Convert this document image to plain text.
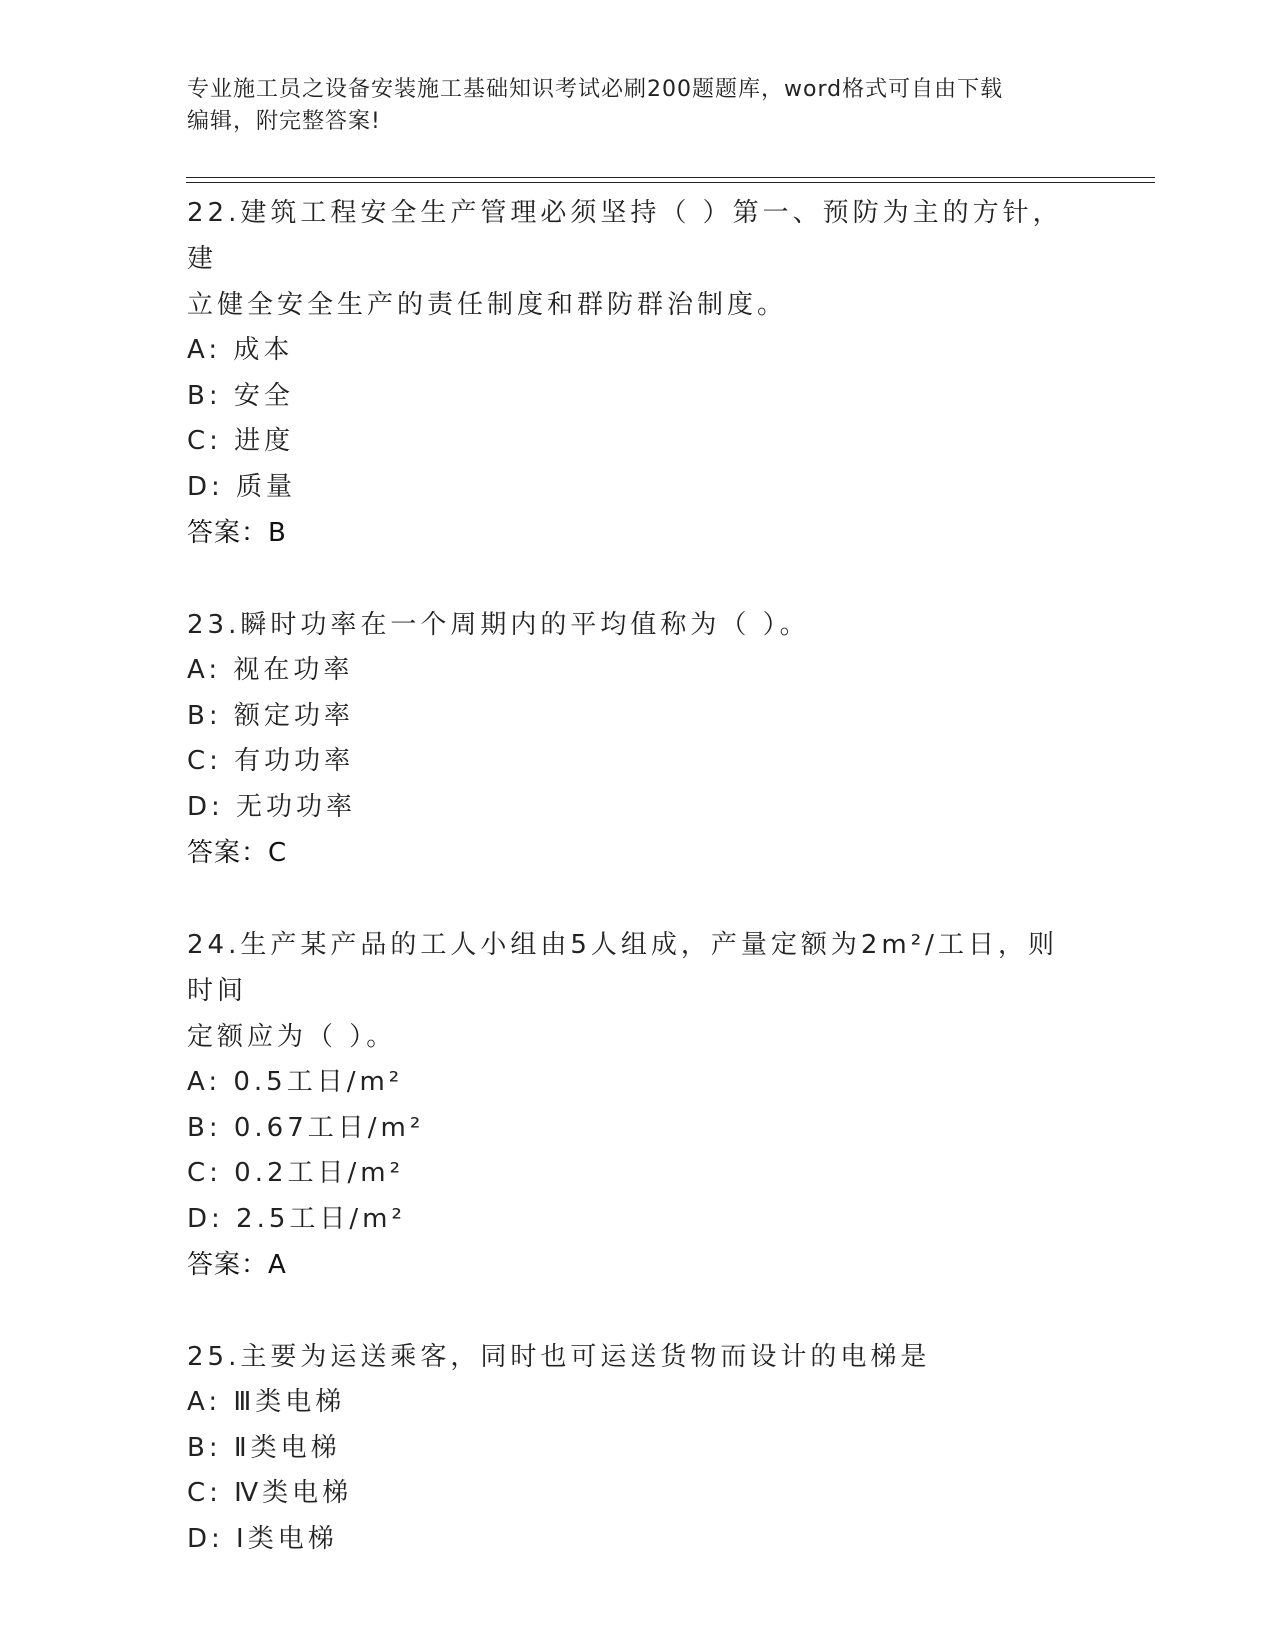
专业施工员之设备安装施工基础知识考试必刷200题题库，word格式可自由下载
编辑，附完整答案!
22.建筑工程安全生产管理必须坚持（ ）第一、预防为主的方针，建
立健全安全生产的责任制度和群防群治制度。
A: 成本
B: 安全
C: 进度
D: 质量
答案：B
23.瞬时功率在一个周期内的平均值称为（ ）。
A: 视在功率
B: 额定功率
C: 有功功率
D: 无功功率
答案：C
24.生产某产品的工人小组由5人组成，产量定额为2m²/工日，则时间
定额应为（ ）。
A: 0.5工日/m²
B: 0.67工日/m²
C: 0.2工日/m²
D: 2.5工日/m²
答案：A
25.主要为运送乘客，同时也可运送货物而设计的电梯是
A: Ⅲ类电梯
B: Ⅱ类电梯
C: Ⅳ类电梯
D: Ⅰ类电梯
